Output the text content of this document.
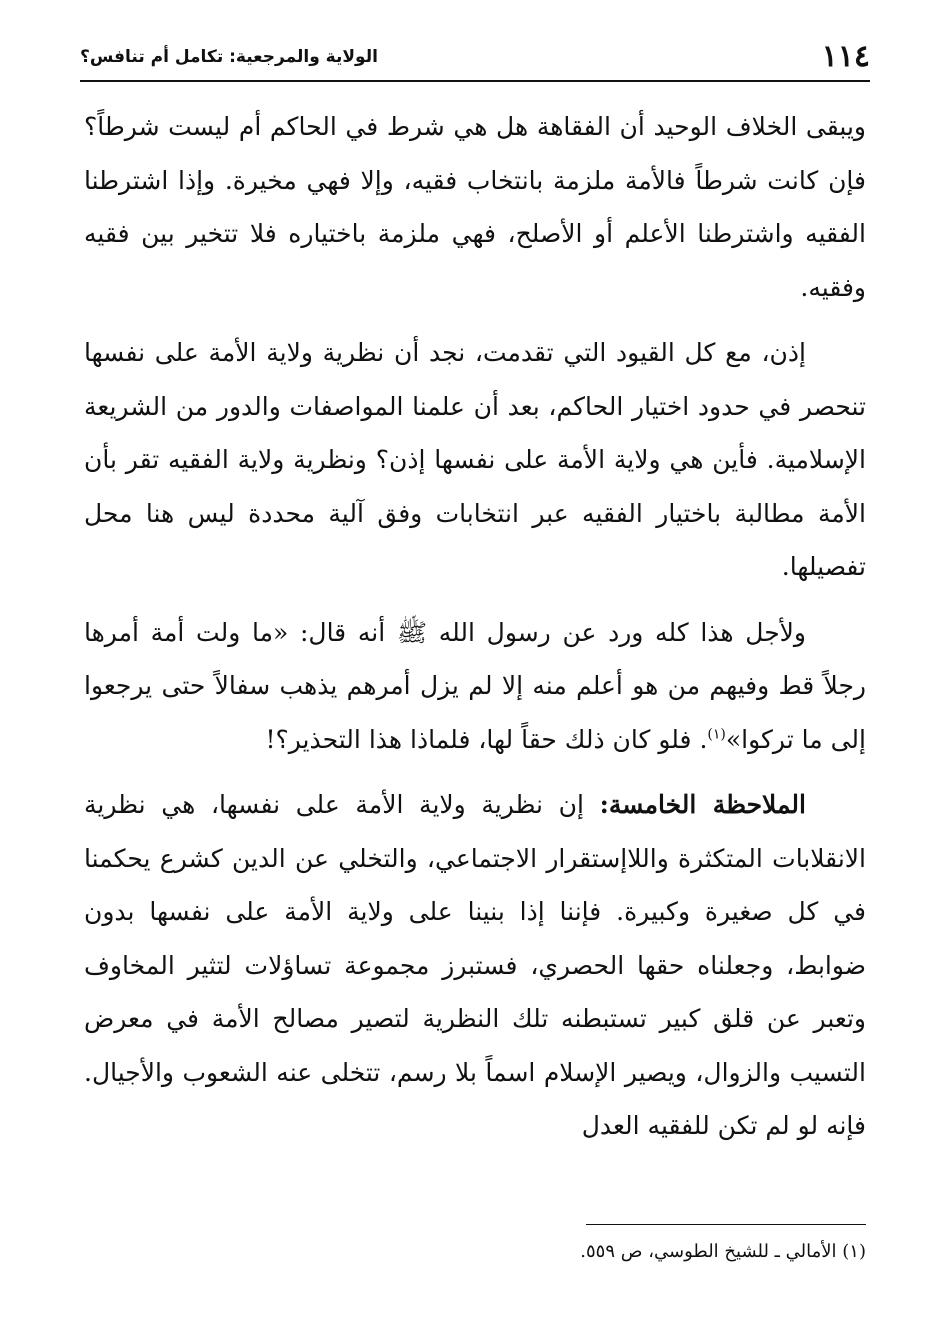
١١٤
الولاية والمرجعية: تكامل أم تنافس؟

ويبقى الخلاف الوحيد أن الفقاهة هل هي شرط في الحاكم أم ليست شرطاً؟ فإن كانت شرطاً فالأمة ملزمة بانتخاب فقيه، وإلا فهي مخيرة. وإذا اشترطنا الفقيه واشترطنا الأعلم أو الأصلح، فهي ملزمة باختياره فلا تتخير بين فقيه وفقيه.

إذن، مع كل القيود التي تقدمت، نجد أن نظرية ولاية الأمة على نفسها تنحصر في حدود اختيار الحاكم، بعد أن علمنا المواصفات والدور من الشريعة الإسلامية. فأين هي ولاية الأمة على نفسها إذن؟ ونظرية ولاية الفقيه تقر بأن الأمة مطالبة باختيار الفقيه عبر انتخابات وفق آلية محددة ليس هنا محل تفصيلها.

ولأجل هذا كله ورد عن رسول الله ﷺ أنه قال: «ما ولت أمة أمرها رجلاً قط وفيهم من هو أعلم منه إلا لم يزل أمرهم يذهب سفالاً حتى يرجعوا إلى ما تركوا»$^{(١)}$. فلو كان ذلك حقاً لها، فلماذا هذا التحذير؟!

الملاحظة الخامسة: إن نظرية ولاية الأمة على نفسها، هي نظرية الانقلابات المتكثرة واللاإستقرار الاجتماعي، والتخلي عن الدين كشرع يحكمنا في كل صغيرة وكبيرة. فإننا إذا بنينا على ولاية الأمة على نفسها بدون ضوابط، وجعلناه حقها الحصري، فستبرز مجموعة تساؤلات لتثير المخاوف وتعبر عن قلق كبير تستبطنه تلك النظرية لتصير مصالح الأمة في معرض التسيب والزوال، ويصير الإسلام اسماً بلا رسم، تتخلى عنه الشعوب والأجيال. فإنه لو لم تكن للفقيه العدل

(١) الأمالي ـ للشيخ الطوسي، ص ٥٥٩.
